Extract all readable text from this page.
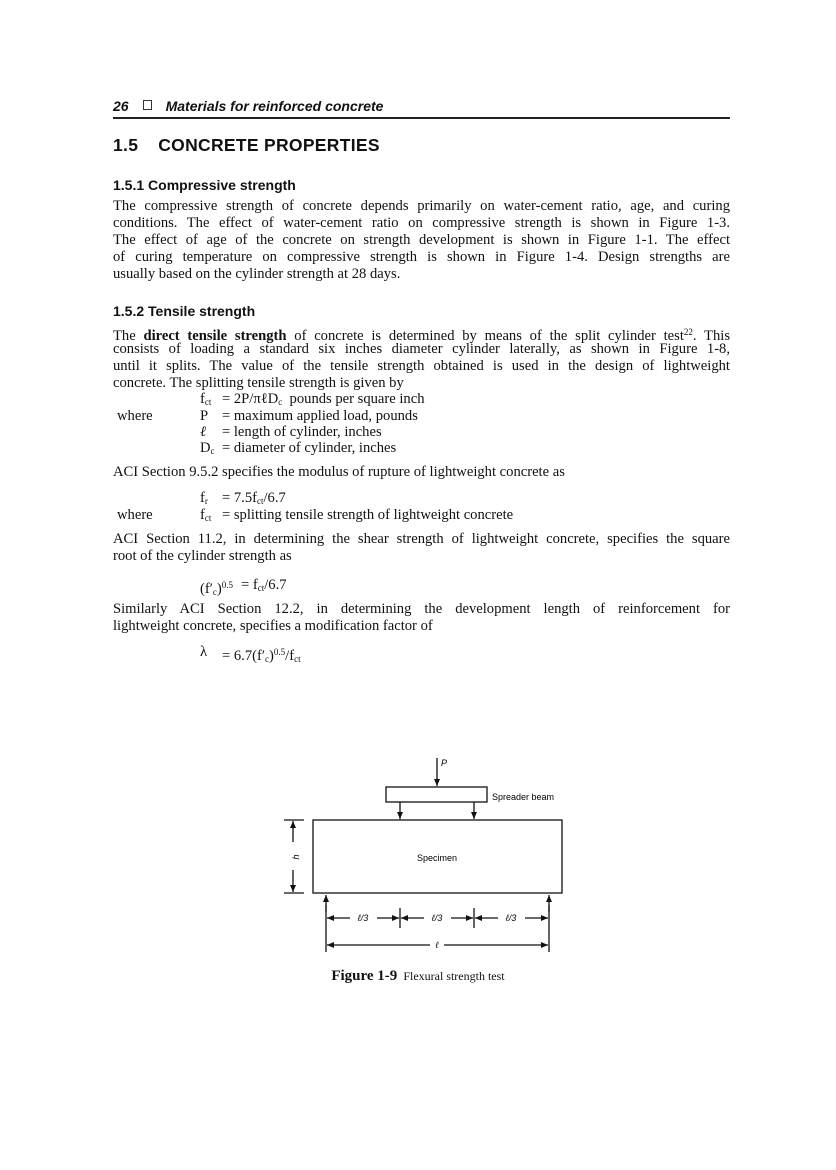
26	Materials for reinforced concrete
1.5 CONCRETE PROPERTIES
1.5.1 Compressive strength
The compressive strength of concrete depends primarily on water-cement ratio, age, and curing
conditions. The effect of water-cement ratio on compressive strength is shown in Figure 1-3.
The effect of age of the concrete on strength development is shown in Figure 1-1. The effect
of curing temperature on compressive strength is shown in Figure 1-4. Design strengths are
usually based on the cylinder strength at 28 days.
1.5.2 Tensile strength
The direct tensile strength of concrete is determined by means of the split cylinder test$^{22}$. This
consists of loading a standard six inches diameter cylinder laterally, as shown in Figure 1-8,
until it splits. The value of the tensile strength obtained is used in the design of lightweight
concrete. The splitting tensile strength is given by
where
$f_{ct}$ = 2P/πℓD$_c$  pounds per square inch
P = maximum applied load, pounds
ℓ = length of cylinder, inches
$D_c$ = diameter of cylinder, inches
ACI Section 9.5.2 specifies the modulus of rupture of lightweight concrete as
$f_r = 7.5f_{ct}/6.7$
where	$f_{ct}$ = splitting tensile strength of lightweight concrete
ACI Section 11.2, in determining the shear strength of lightweight concrete, specifies the square
root of the cylinder strength as
$(f'_c)^{0.5} = f_{ct}/6.7$
Similarly ACI Section 12.2, in determining the development length of reinforcement for
lightweight concrete, specifies a modification factor of
$\lambda = 6.7(f'_c)^{0.5}/f_{ct}$
P
Spreader beam
Specimen
h
ℓ/3	ℓ/3	ℓ/3
ℓ
Figure 1-9 Flexural strength test
